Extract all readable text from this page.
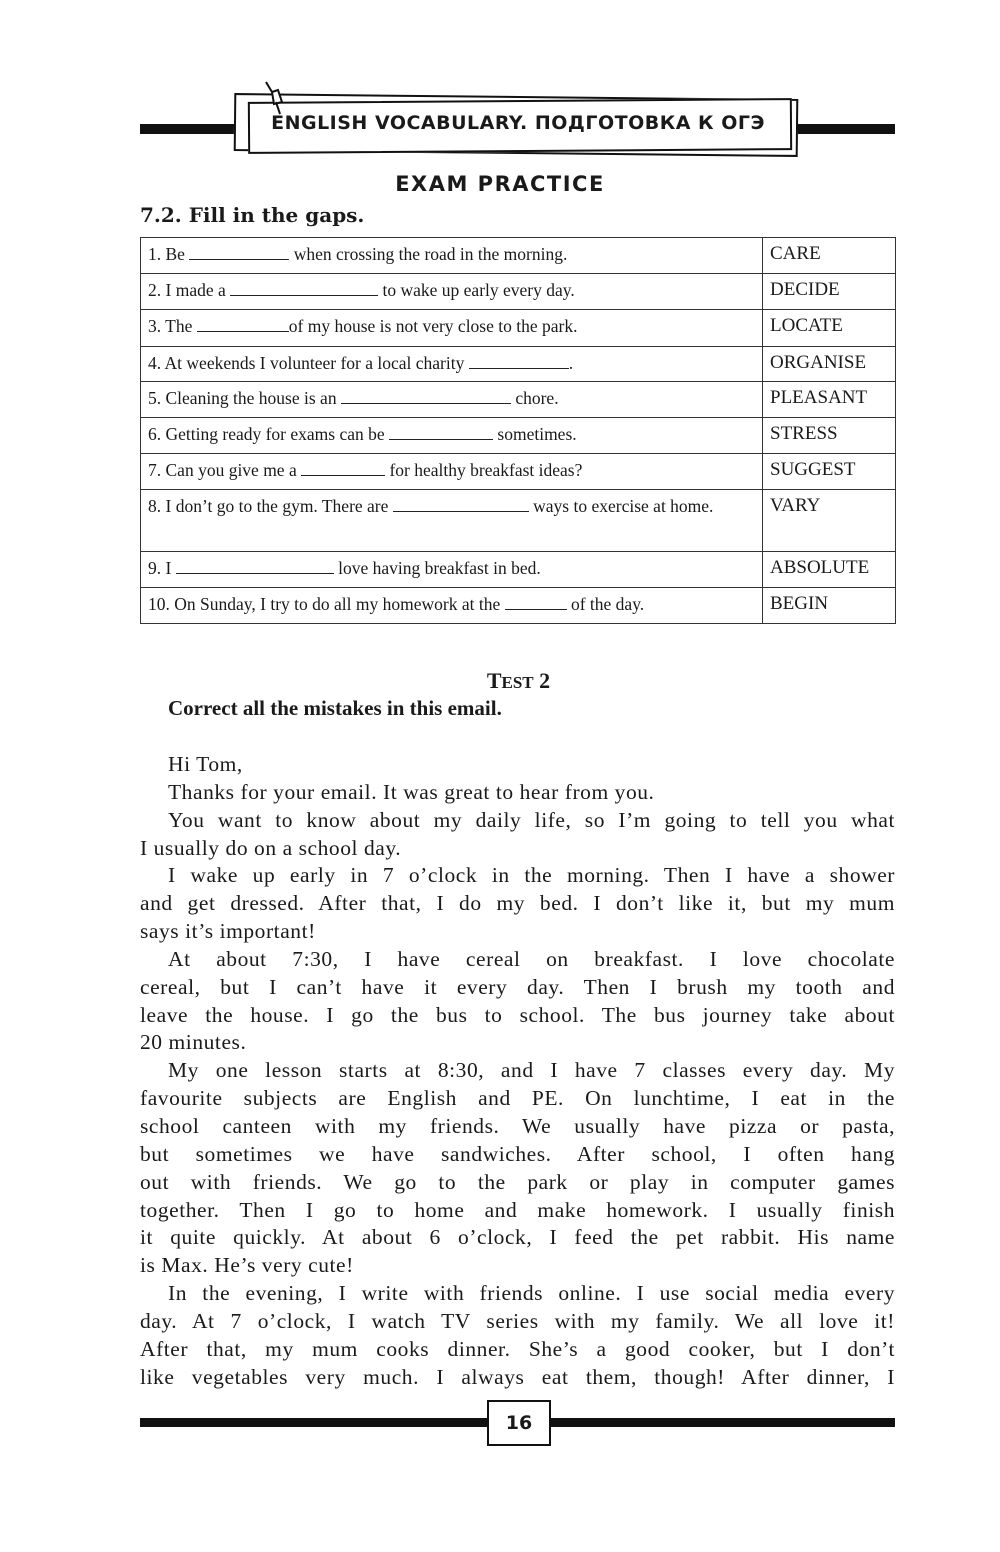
ENGLISH VOCABULARY. ПОДГОТОВКА К ОГЭ
EXAM PRACTICE
7.2. Fill in the gaps.
1. Be when crossing the road in the morning.	CARE
2. I made a to wake up early every day.	DECIDE
3. The of my house is not very close to the park.	LOCATE
4. At weekends I volunteer for a local charity .	ORGANISE
5. Cleaning the house is an chore.	PLEASANT
6. Getting ready for exams can be sometimes.	STRESS
7. Can you give me a for healthy breakfast ideas?	SUGGEST
8. I don’t go to the gym. There are ways to exercise at home.	VARY
9. I love having breakfast in bed.	ABSOLUTE
10. On Sunday, I try to do all my homework at the of the day.	BEGIN
TEST 2
Correct all the mistakes in this email.
Hi Tom,
Thanks for your email. It was great to hear from you.
You want to know about my daily life, so I’m going to tell you what
I usually do on a school day.
I wake up early in 7 o’clock in the morning. Then I have a shower
and get dressed. After that, I do my bed. I don’t like it, but my mum
says it’s important!
At about 7:30, I have cereal on breakfast. I love chocolate
cereal, but I can’t have it every day. Then I brush my tooth and
leave the house. I go the bus to school. The bus journey take about
20 minutes.
My one lesson starts at 8:30, and I have 7 classes every day. My
favourite subjects are English and PE. On lunchtime, I eat in the
school canteen with my friends. We usually have pizza or pasta,
but sometimes we have sandwiches. After school, I often hang
out with friends. We go to the park or play in computer games
together. Then I go to home and make homework. I usually finish
it quite quickly. At about 6 o’clock, I feed the pet rabbit. His name
is Max. He’s very cute!
In the evening, I write with friends online. I use social media every
day. At 7 o’clock, I watch TV series with my family. We all love it!
After that, my mum cooks dinner. She’s a good cooker, but I don’t
like vegetables very much. I always eat them, though! After dinner, I
16
